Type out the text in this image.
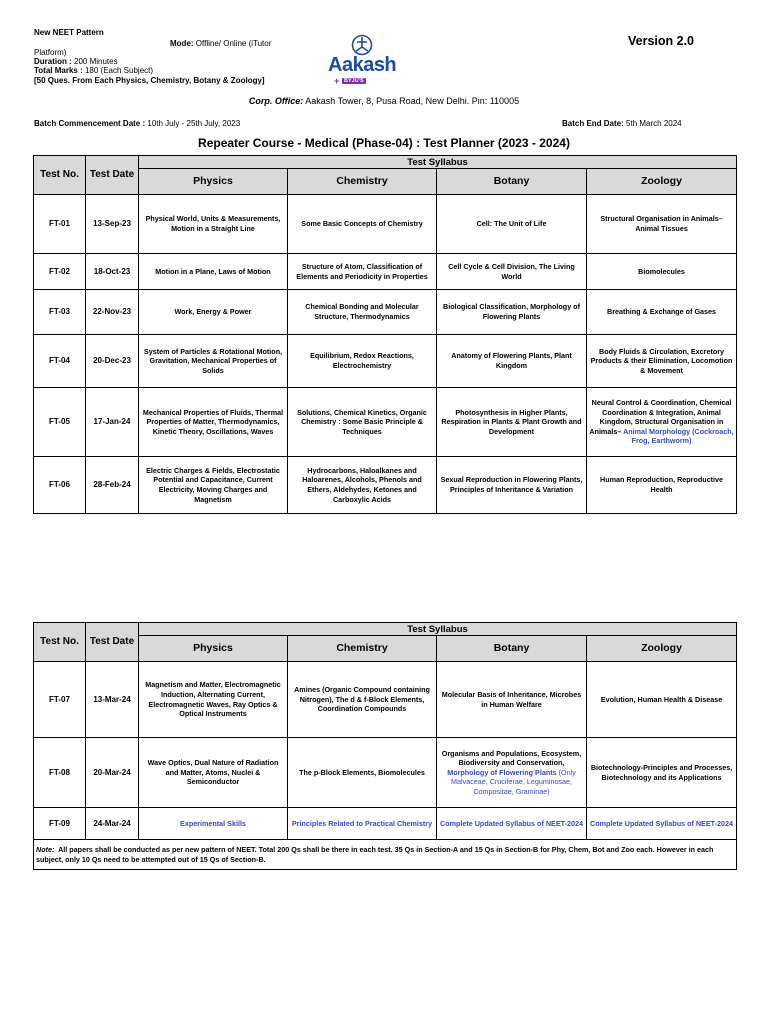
New NEET Pattern
Mode: Offline/ Online (iTutor
Platform)
Duration : 200 Minutes
Total Marks : 180 (Each Subject)
[50 Ques. From Each Physics, Chemistry, Botany & Zoology]
Aakash
+ BYJU'S
Version 2.0
Corp. Office: Aakash Tower, 8, Pusa Road, New Delhi. Pin: 110005
Batch Commencement Date : 10th July - 25th July, 2023	Batch End Date: 5th March 2024
Repeater Course - Medical (Phase-04) : Test Planner (2023 - 2024)
Test No.	Test Date	Test Syllabus			
		Physics	Chemistry	Botany	Zoology
FT-01	13-Sep-23	Physical World, Units & Measurements, Motion in a Straight Line	Some Basic Concepts of Chemistry	Cell: The Unit of Life	Structural Organisation in Animals–Animal Tissues
FT-02	18-Oct-23	Motion in a Plane, Laws of Motion	Structure of Atom, Classification of Elements and Periodicity in Properties	Cell Cycle & Cell Division, The Living World	Biomolecules
FT-03	22-Nov-23	Work, Energy & Power	Chemical Bonding and Molecular Structure, Thermodynamics	Biological Classification, Morphology of Flowering Plants	Breathing & Exchange of Gases
FT-04	20-Dec-23	System of Particles & Rotational Motion, Gravitation, Mechanical Properties of Solids	Equilibrium, Redox Reactions, Electrochemistry	Anatomy of Flowering Plants, Plant Kingdom	Body Fluids & Circulation, Excretory Products & their Elimination, Locomotion & Movement
FT-05	17-Jan-24	Mechanical Properties of Fluids, Thermal Properties of Matter, Thermodynamics, Kinetic Theory, Oscillations, Waves	Solutions, Chemical Kinetics, Organic Chemistry : Some Basic Principle & Techniques	Photosynthesis in Higher Plants, Respiration in Plants & Plant Growth and Development	Neural Control & Coordination, Chemical Coordination & Integration, Animal Kingdom, Structural Organisation in Animals– Animal Morphology (Cockroach, Frog, Earthworm)
FT-06	28-Feb-24	Electric Charges & Fields, Electrostatic Potential and Capacitance, Current Electricity, Moving Charges and Magnetism	Hydrocarbons, Haloalkanes and Haloarenes, Alcohols, Phenols and Ethers, Aldehydes, Ketones and Carboxylic Acids	Sexual Reproduction in Flowering Plants, Principles of Inheritance & Variation	Human Reproduction, Reproductive Health
Test No.	Test Date	Test Syllabus			
		Physics	Chemistry	Botany	Zoology
FT-07	13-Mar-24	Magnetism and Matter, Electromagnetic Induction, Alternating Current, Electromagnetic Waves, Ray Optics & Optical Instruments	Amines (Organic Compound containing Nitrogen), The d & f-Block Elements, Coordination Compounds	Molecular Basis of Inheritance, Microbes in Human Welfare	Evolution, Human Health & Disease
FT-08	20-Mar-24	Wave Optics, Dual Nature of Radiation and Matter, Atoms, Nuclei & Semiconductor	The p-Block Elements, Biomolecules	Organisms and Populations, Ecosystem, Biodiversity and Conservation, Morphology of Flowering Plants (Only Malvaceae, Cruciferae, Leguminosae, Compositae, Graminae)	Biotechnology-Principles and Processes, Biotechnology and its Applications
FT-09	24-Mar-24	Experimental Skills	Principles Related to Practical Chemistry	Complete Updated Syllabus of NEET-2024	Complete Updated Syllabus of NEET-2024
Note: All papers shall be conducted as per new pattern of NEET. Total 200 Qs shall be there in each test. 35 Qs in Section-A and 15 Qs in Section-B for Phy, Chem, Bot and Zoo each. However in each subject, only 10 Qs need to be attempted out of 15 Qs of Section-B.					
